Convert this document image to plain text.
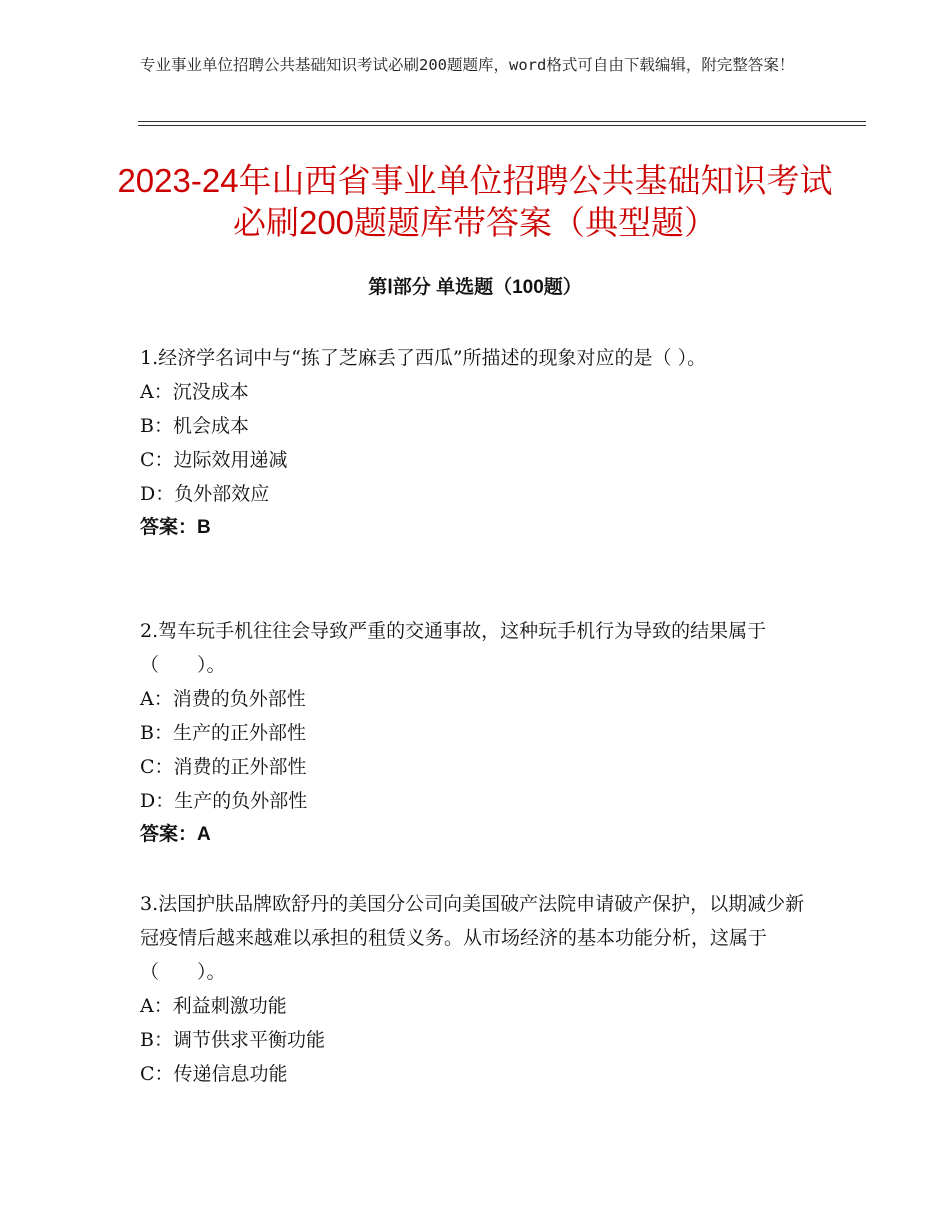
专业事业单位招聘公共基础知识考试必刷200题题库，word格式可自由下载编辑，附完整答案！
2023-24年山西省事业单位招聘公共基础知识考试必刷200题题库带答案（典型题）
第Ⅰ部分 单选题（100题）

1.经济学名词中与“拣了芝麻丢了西瓜”所描述的现象对应的是（ ）。

A：沉没成本

B：机会成本

C：边际效用递减

D：负外部效应

答案：B

2.驾车玩手机往往会导致严重的交通事故，这种玩手机行为导致的结果属于（　　）。

A：消费的负外部性

B：生产的正外部性

C：消费的正外部性

D：生产的负外部性

答案：A

3.法国护肤品牌欧舒丹的美国分公司向美国破产法院申请破产保护，以期减少新冠疫情后越来越难以承担的租赁义务。从市场经济的基本功能分析，这属于（　　）。

A：利益刺激功能

B：调节供求平衡功能

C：传递信息功能
